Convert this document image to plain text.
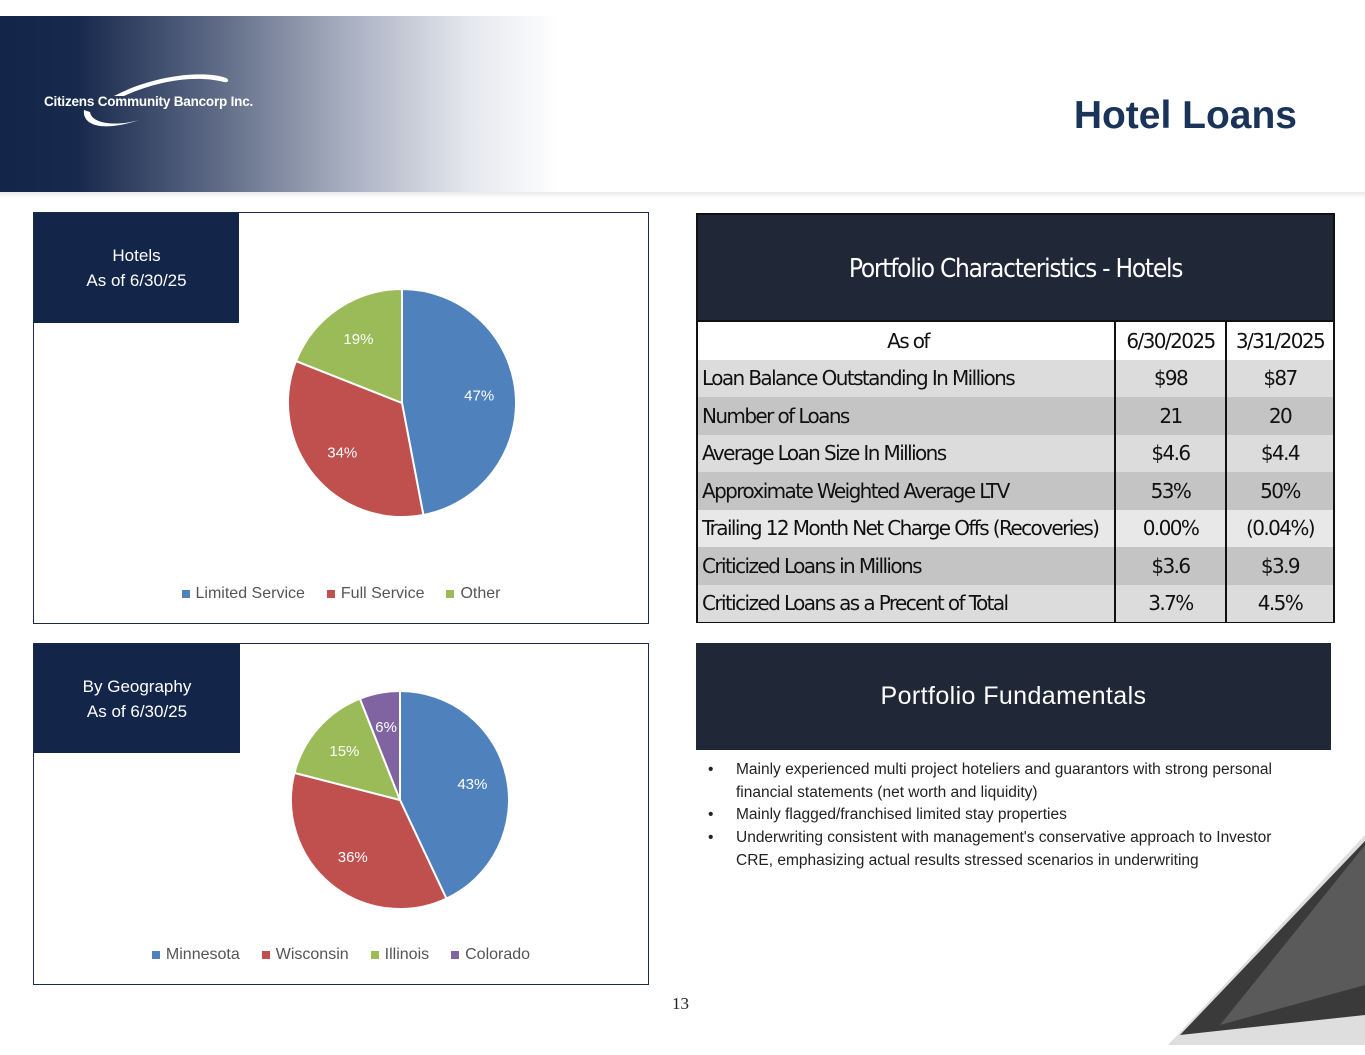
Citizens Community Bancorp Inc.	Hotel Loans
47%
34%
19%
Hotels
As of 6/30/25
Limited Service Full Service Other
43%
36%
15%
6%
By Geography
As of 6/30/25
Minnesota Wisconsin Illinois Colorado
Portfolio Characteristics - Hotels
As of	6/30/2025	3/31/2025
Loan Balance Outstanding In Millions	$98	$87
Number of Loans	21	20
Average Loan Size In Millions	$4.6	$4.4
Approximate Weighted Average LTV	53%	50%
Trailing 12 Month Net Charge Offs (Recoveries)	0.00%	(0.04%)
Criticized Loans in Millions	$3.6	$3.9
Criticized Loans as a Precent of Total	3.7%	4.5%
Portfolio Fundamentals
• Mainly experienced multi project hoteliers and guarantors with strong personal financial statements (net worth and liquidity)
• Mainly flagged/franchised limited stay properties
• Underwriting consistent with management's conservative approach to Investor CRE, emphasizing actual results stressed scenarios in underwriting
13
